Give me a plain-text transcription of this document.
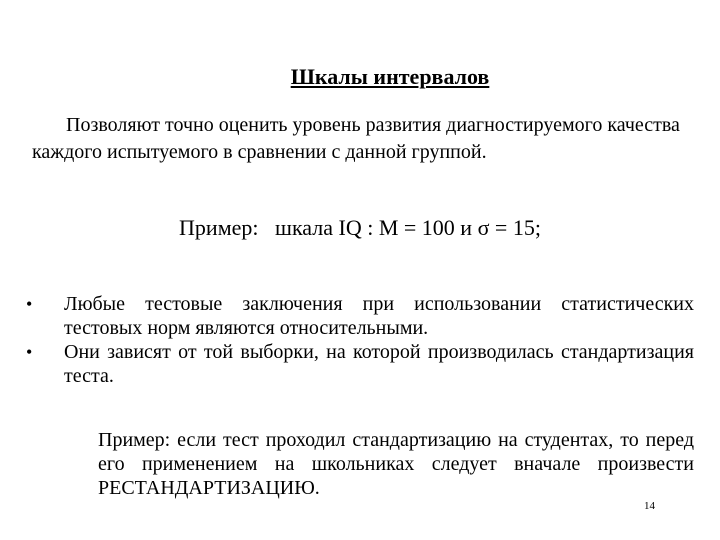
Шкалы интервалов
Позволяют точно оценить уровень развития диагностируемого качества каждого испытуемого в сравнении с данной группой.
Пример:   шкала IQ : M = 100 и σ = 15;
• Любые тестовые заключения при использовании статистических тестовых норм являются относительными.
• Они зависят от той выборки, на которой производилась стандартизация теста.
Пример: если тест проходил стандартизацию на студентах, то перед его применением на школьниках следует вначале произвести РЕСТАНДАРТИЗАЦИЮ.
14
